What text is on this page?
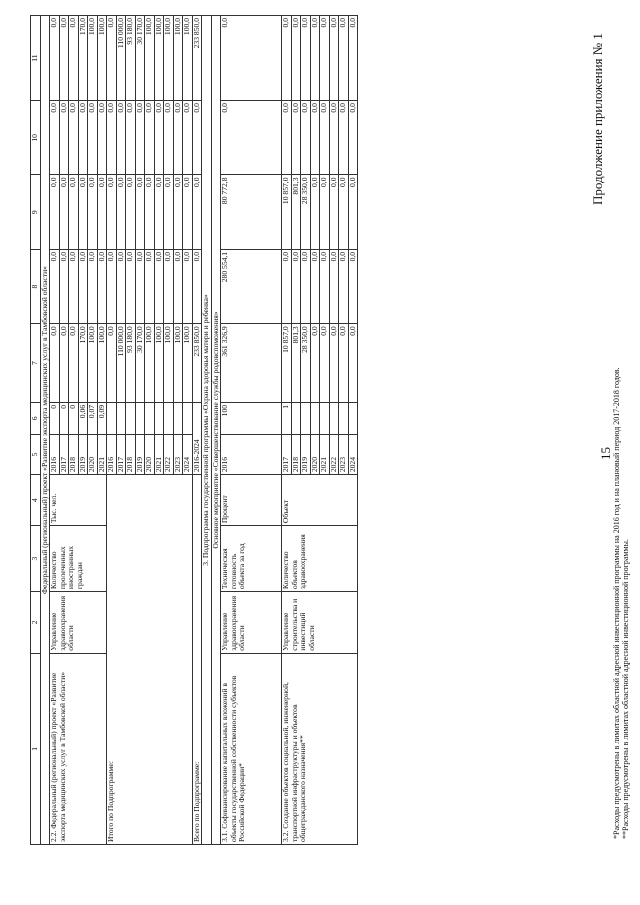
15
Продолжение приложения № 1
1	2	3	4	5	6	7	8	9	10	11
Федеральный (региональный) проект «Развитие экспорта медицинских услуг в Тамбовской области»										
2.2. Федеральный (региональный) проект «Развитие экспорта медицинских услуг в Тамбовской области»	Управление здравоохранения области	Количество пролеченных иностранных граждан	Тыс. чел.	2016	0	0,0	0,0	0,0	0,0	0,0
				2017	0	0,0	0,0	0,0	0,0	0,0
				2018	0	0,0	0,0	0,0	0,0	0,0
				2019	0,06	170,0	0,0	0,0	0,0	170,0
				2020	0,07	100,0	0,0	0,0	0,0	100,0
				2021	0,09	100,0	0,0	0,0	0,0	100,0
Итого по Подпрограмме:				2016		0,0	0,0	0,0	0,0	0,0
				2017		110 000,0	0,0	0,0	0,0	110 000,0
				2018		93 180,0	0,0	0,0	0,0	93 180,0
				2019		30 170,0	0,0	0,0	0,0	30 170,0
				2020		100,0	0,0	0,0	0,0	100,0
				2021		100,0	0,0	0,0	0,0	100,0
				2022		100,0	0,0	0,0	0,0	100,0
				2023		100,0	0,0	0,0	0,0	100,0
				2024		100,0	0,0	0,0	0,0	100,0
Всего по Подпрограмме:				2016-2024		233 850,0	0,0	0,0	0,0	233 850,0
3. Подпрограмма государственной программы «Охрана здоровья матери и ребенка»										
Основное мероприятие «Совершенствование службы родовспоможения»										
3.1. Софинансирование капитальных вложений в объекты государственной собственности субъектов Российской Федерации*	Управление здравоохранения области	Техническая готовность объекта за год	Процент	2016	100	361 326,9	280 554,1	80 772,8	0,0	0,0
3.2. Создание объектов социальной, инженерной, транспортной инфраструктуры и объектов общегражданского назначения**	Управление строительства и инвестиций области	Количество объектов здравоохранения	Объект	2017	1	10 857,0	0,0	10 857,0	0,0	0,0
				2018		801,3	0,0	801,3	0,0	0,0
				2019		28 350,0	0,0	28 350,0	0,0	0,0
				2020		0,0	0,0	0,0	0,0	0,0
				2021		0,0	0,0	0,0	0,0	0,0
				2022		0,0	0,0	0,0	0,0	0,0
				2023		0,0	0,0	0,0	0,0	0,0
				2024		0,0	0,0	0,0	0,0	0,0
*Расходы предусмотрены в лимитах областной адресной инвестиционной программы на 2016 год и на плановый период 2017-2018 годов. **Расходы предусмотрены в лимитах областной адресной инвестиционной программы.
